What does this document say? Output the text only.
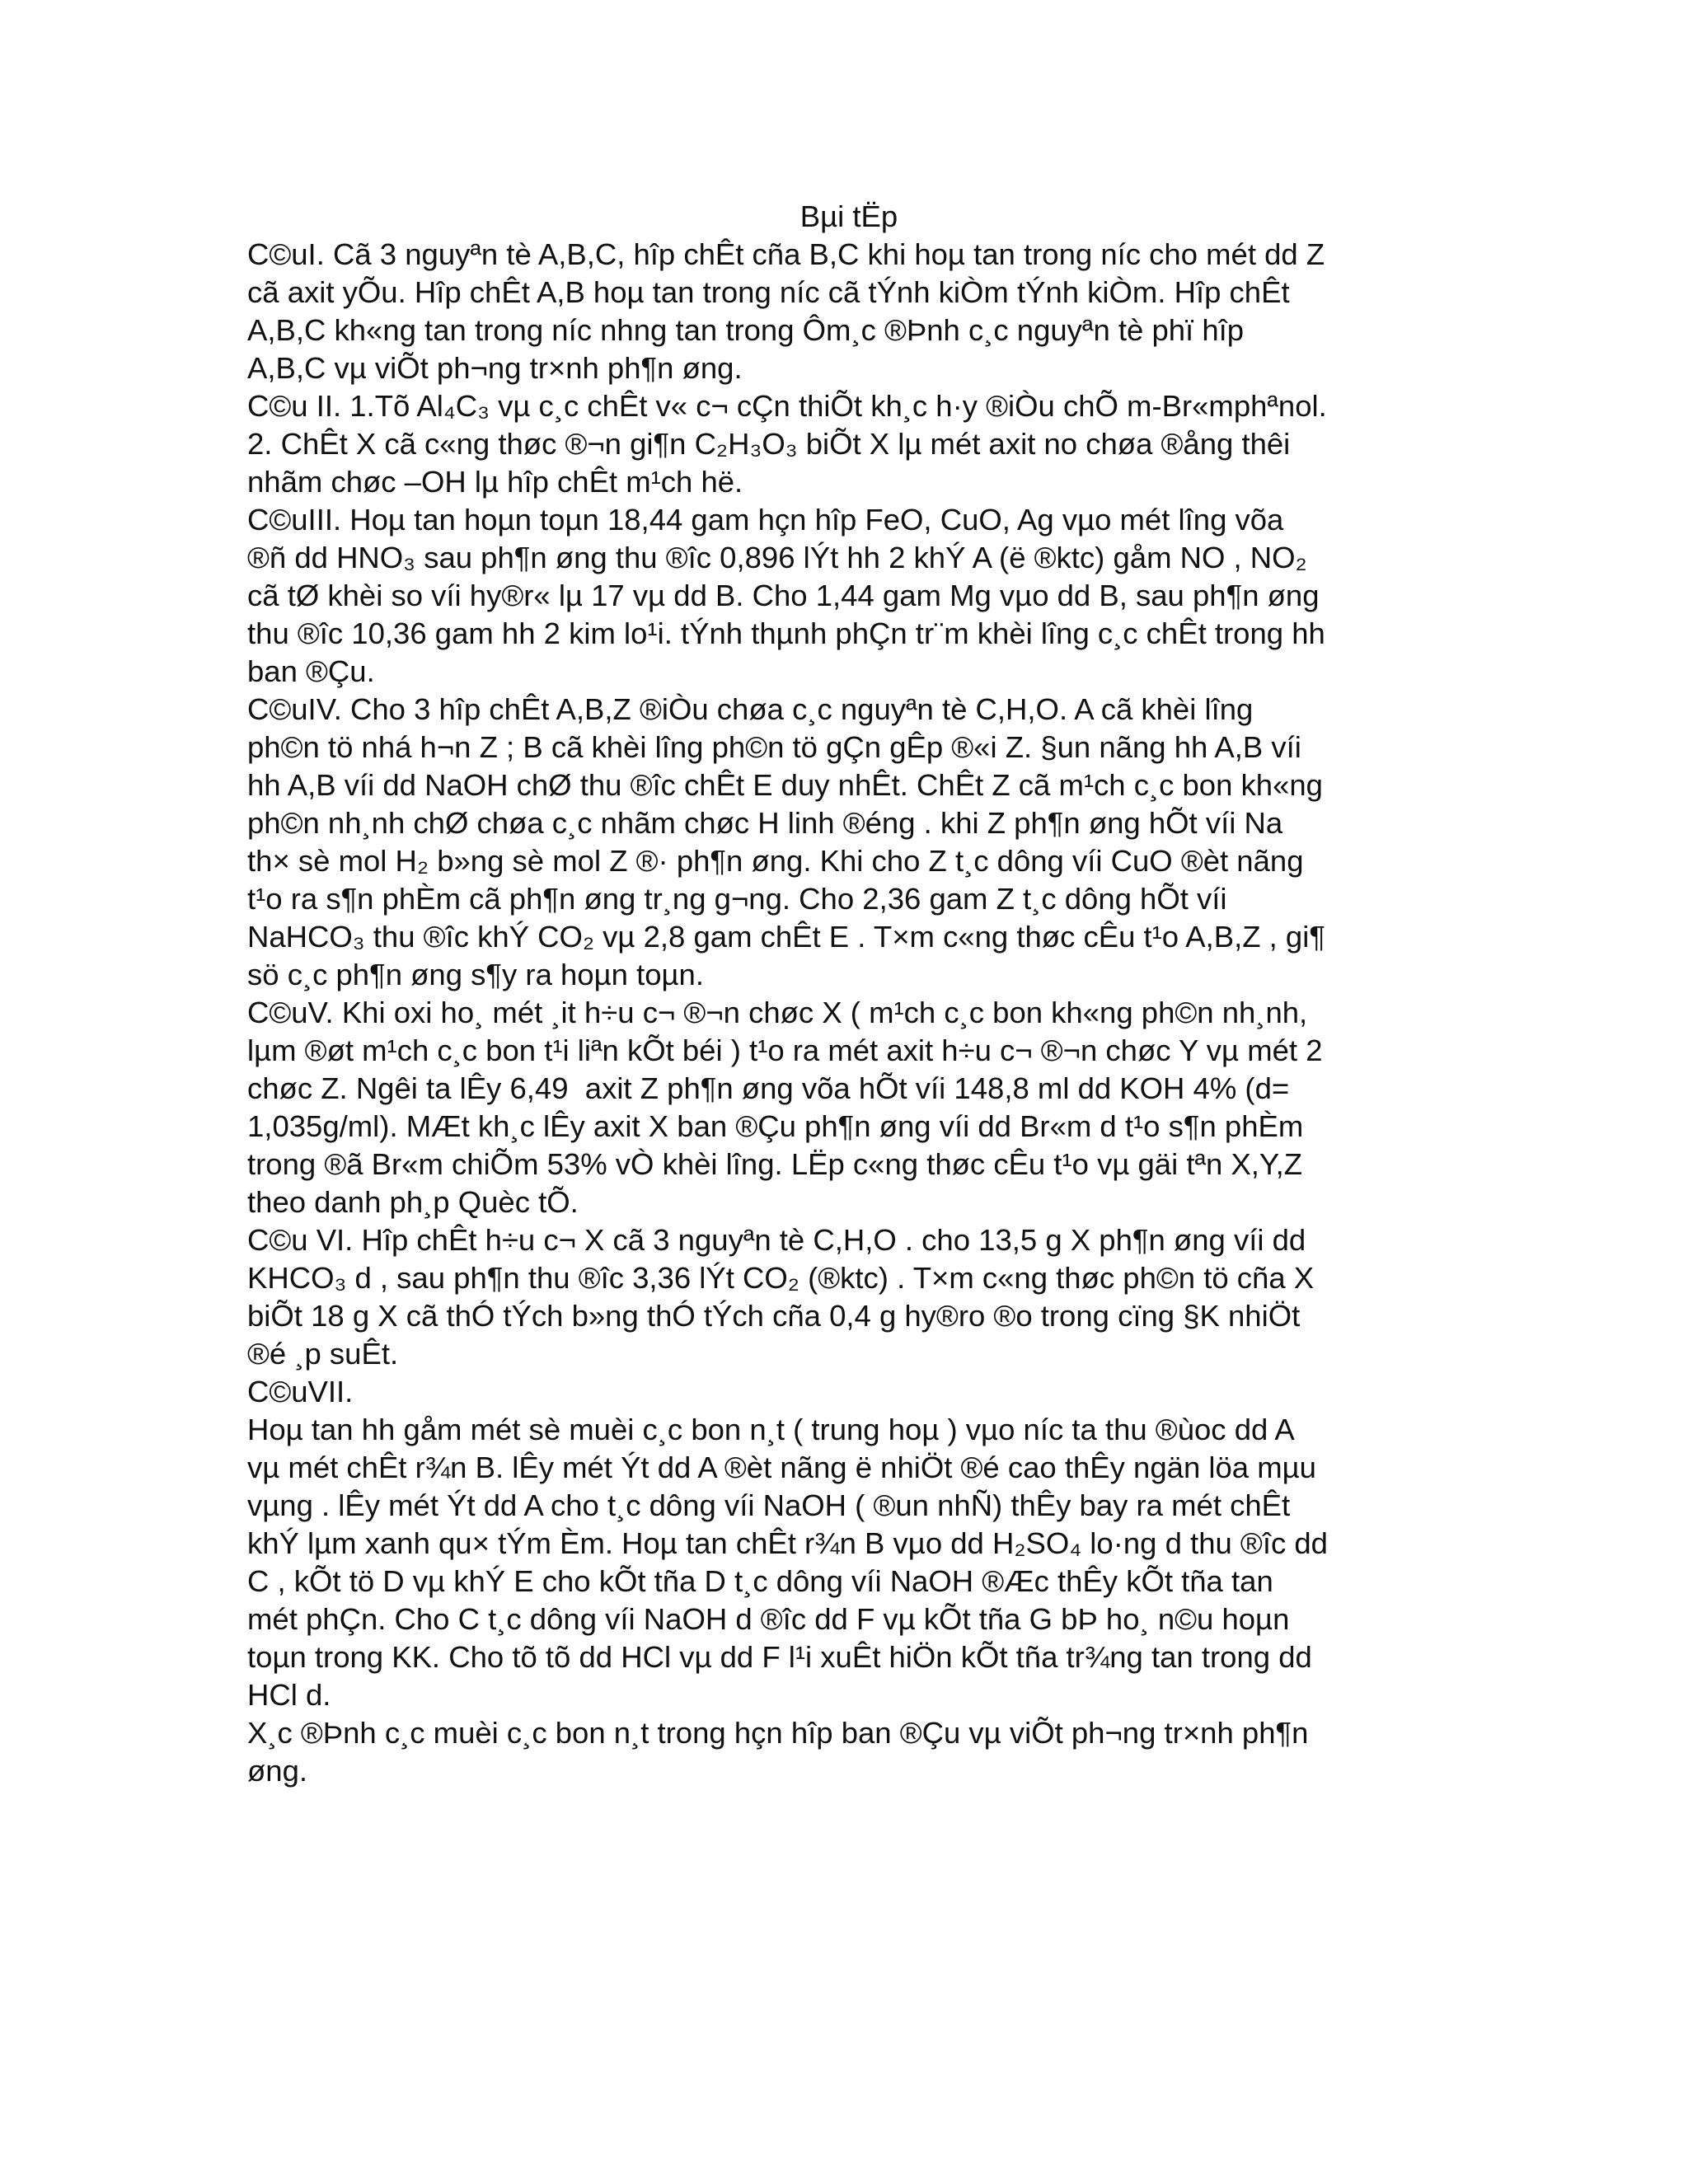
Bµi tËp

C©uI. Cã 3 nguyªn tè A,B,C, hîp chÊt cña B,C khi hoµ tan trong níc cho mét dd Z
cã axit yÕu. Hîp chÊt A,B hoµ tan trong níc cã tÝnh kiÒm tÝnh kiÒm. Hîp chÊt
A,B,C kh«ng tan trong níc nhng tan trong Ôm¸c ®Þnh c¸c nguyªn tè phï hîp
A,B,C vµ viÕt ph¬ng tr×nh ph¶n øng.
C©u II. 1.Tõ Al₄C₃ vµ c¸c chÊt v« c¬ cÇn thiÕt kh¸c h·y ®iÒu chÕ m-Br«mphªnol.
2. ChÊt X cã c«ng thøc ®¬n gi¶n C₂H₃O₃ biÕt X lµ mét axit no chøa ®ång thêi
nhãm chøc –OH lµ hîp chÊt m¹ch hë.
C©uIII. Hoµ tan hoµn toµn 18,44 gam hçn hîp FeO, CuO, Ag vµo mét lîng võa
®ñ dd HNO₃ sau ph¶n øng thu ®îc 0,896 lÝt hh 2 khÝ A (ë ®ktc) gåm NO , NO₂
cã tØ khèi so víi hy®r« lµ 17 vµ dd B. Cho 1,44 gam Mg vµo dd B, sau ph¶n øng
thu ®îc 10,36 gam hh 2 kim lo¹i. tÝnh thµnh phÇn tr¨m khèi lîng c¸c chÊt trong hh
ban ®Çu.
C©uIV. Cho 3 hîp chÊt A,B,Z ®iÒu chøa c¸c nguyªn tè C,H,O. A cã khèi lîng
ph©n tö nhá h¬n Z ; B cã khèi lîng ph©n tö gÇn gÊp ®«i Z. §un nãng hh A,B víi
hh A,B víi dd NaOH chØ thu ®îc chÊt E duy nhÊt. ChÊt Z cã m¹ch c¸c bon kh«ng
ph©n nh¸nh chØ chøa c¸c nhãm chøc H linh ®éng . khi Z ph¶n øng hÕt víi Na
th× sè mol H₂ b»ng sè mol Z ®· ph¶n øng. Khi cho Z t¸c dông víi CuO ®èt nãng
t¹o ra s¶n phÈm cã ph¶n øng tr¸ng g¬ng. Cho 2,36 gam Z t¸c dông hÕt víi
NaHCO₃ thu ®îc khÝ CO₂ vµ 2,8 gam chÊt E . T×m c«ng thøc cÊu t¹o A,B,Z , gi¶
sö c¸c ph¶n øng s¶y ra hoµn toµn.
C©uV. Khi oxi ho¸ mét ¸it h÷u c¬ ®¬n chøc X ( m¹ch c¸c bon kh«ng ph©n nh¸nh,
lµm ®øt m¹ch c¸c bon t¹i liªn kÕt béi ) t¹o ra mét axit h÷u c¬ ®¬n chøc Y vµ mét 2
chøc Z. Ngêi ta lÊy 6,49  axit Z ph¶n øng võa hÕt víi 148,8 ml dd KOH 4% (d=
1,035g/ml). MÆt kh¸c lÊy axit X ban ®Çu ph¶n øng víi dd Br«m d t¹o s¶n phÈm
trong ®ã Br«m chiÕm 53% vÒ khèi lîng. LËp c«ng thøc cÊu t¹o vµ gäi tªn X,Y,Z
theo danh ph¸p Quèc tÕ.
C©u VI. Hîp chÊt h÷u c¬ X cã 3 nguyªn tè C,H,O . cho 13,5 g X ph¶n øng víi dd
KHCO₃ d , sau ph¶n thu ®îc 3,36 lÝt CO₂ (®ktc) . T×m c«ng thøc ph©n tö cña X
biÕt 18 g X cã thÓ tÝch b»ng thÓ tÝch cña 0,4 g hy®ro ®o trong cïng §K nhiÖt
®é ¸p suÊt.
C©uVII.
Hoµ tan hh gåm mét sè muèi c¸c bon n¸t ( trung hoµ ) vµo níc ta thu ®ùoc dd A
vµ mét chÊt r¾n B. lÊy mét Ýt dd A ®èt nãng ë nhiÖt ®é cao thÊy ngän löa mµu
vµng . lÊy mét Ýt dd A cho t¸c dông víi NaOH ( ®un nhÑ) thÊy bay ra mét chÊt
khÝ lµm xanh qu× tÝm Èm. Hoµ tan chÊt r¾n B vµo dd H₂SO₄ lo·ng d thu ®îc dd
C , kÕt tö D vµ khÝ E cho kÕt tña D t¸c dông víi NaOH ®Æc thÊy kÕt tña tan
mét phÇn. Cho C t¸c dông víi NaOH d ®îc dd F vµ kÕt tña G bÞ ho¸ n©u hoµn
toµn trong KK. Cho tõ tõ dd HCl vµ dd F l¹i xuÊt hiÖn kÕt tña tr¾ng tan trong dd
HCl d.
X¸c ®Þnh c¸c muèi c¸c bon n¸t trong hçn hîp ban ®Çu vµ viÕt ph¬ng tr×nh ph¶n
øng.
